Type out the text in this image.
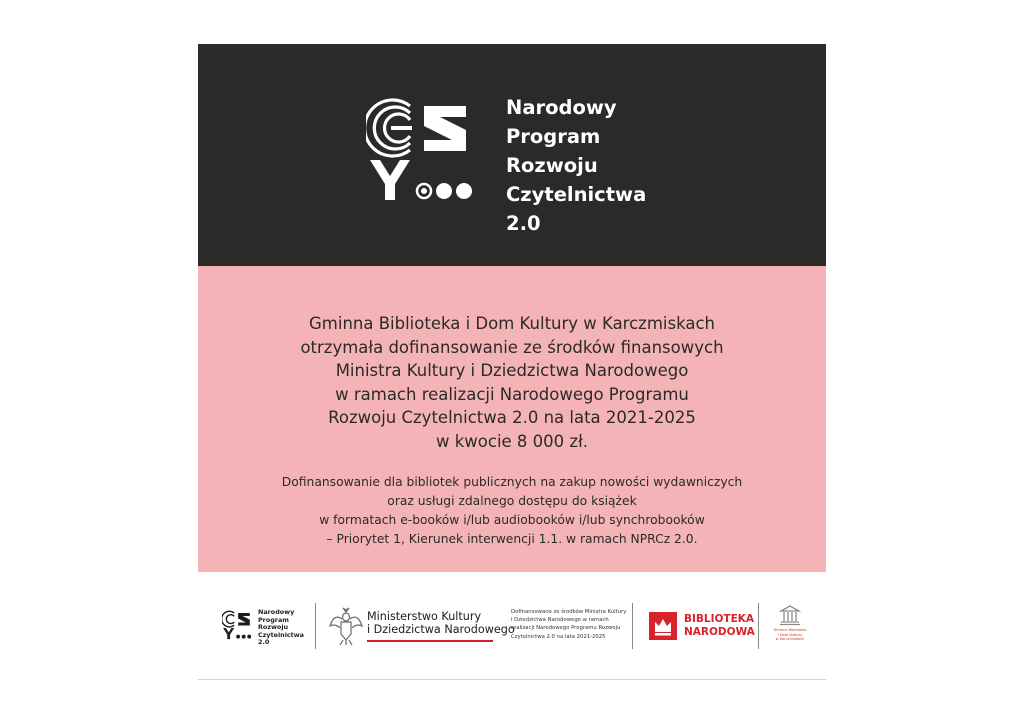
Narodowy
Program
Rozwoju
Czytelnictwa
2.0
Gminna Biblioteka i Dom Kultury w Karczmiskach
otrzymała dofinansowanie ze środków finansowych
Ministra Kultury i Dziedzictwa Narodowego
w ramach realizacji Narodowego Programu
Rozwoju Czytelnictwa 2.0 na lata 2021-2025
w kwocie 8 000 zł.
Dofinansowanie dla bibliotek publicznych na zakup nowości wydawniczych
oraz usługi zdalnego dostępu do książek
w formatach e-booków i/lub audiobooków i/lub synchrobooków
– Priorytet 1, Kierunek interwencji 1.1. w ramach NPRCz 2.0.
Narodowy
Program
Rozwoju
Czytelnictwa
2.0
Ministerstwo Kultury
i Dziedzictwa Narodowego
Dofinansowano ze środków Ministra Kultury
i Dziedzictwa Narodowego w ramach
realizacji Narodowego Programu Rozwoju
Czytelnictwa 2.0 na lata 2021-2025
BIBLIOTEKA
NARODOWA	Gminna Biblioteka
i Dom Kultury
w Karczmiskach
